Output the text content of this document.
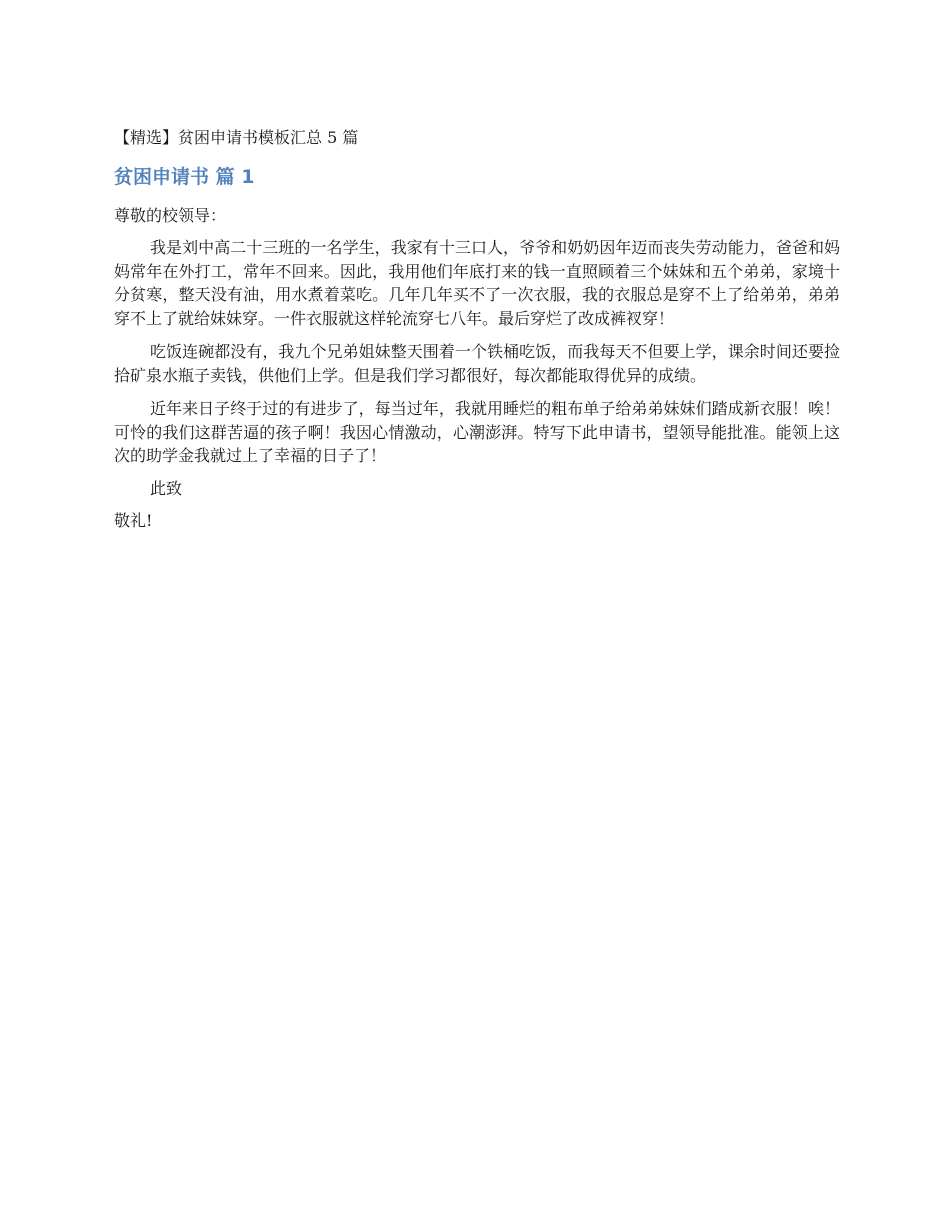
【精选】贫困申请书模板汇总 5 篇
贫困申请书 篇 1
尊敬的校领导：

我是刘中高二十三班的一名学生，我家有十三口人，爷爷和奶奶因年迈而丧失劳动能力，爸爸和妈妈常年在外打工，常年不回来。因此，我用他们年底打来的钱一直照顾着三个妹妹和五个弟弟，家境十分贫寒，整天没有油，用水煮着菜吃。几年几年买不了一次衣服，我的衣服总是穿不上了给弟弟，弟弟穿不上了就给妹妹穿。一件衣服就这样轮流穿七八年。最后穿烂了改成裤衩穿！

吃饭连碗都没有，我九个兄弟姐妹整天围着一个铁桶吃饭，而我每天不但要上学，课余时间还要捡拾矿泉水瓶子卖钱，供他们上学。但是我们学习都很好，每次都能取得优异的成绩。

近年来日子终于过的有进步了，每当过年，我就用睡烂的粗布单子给弟弟妹妹们踏成新衣服！唉！可怜的我们这群苦逼的孩子啊！我因心情激动，心潮澎湃。特写下此申请书，望领导能批准。能领上这次的助学金我就过上了幸福的日子了！

此致

敬礼!
